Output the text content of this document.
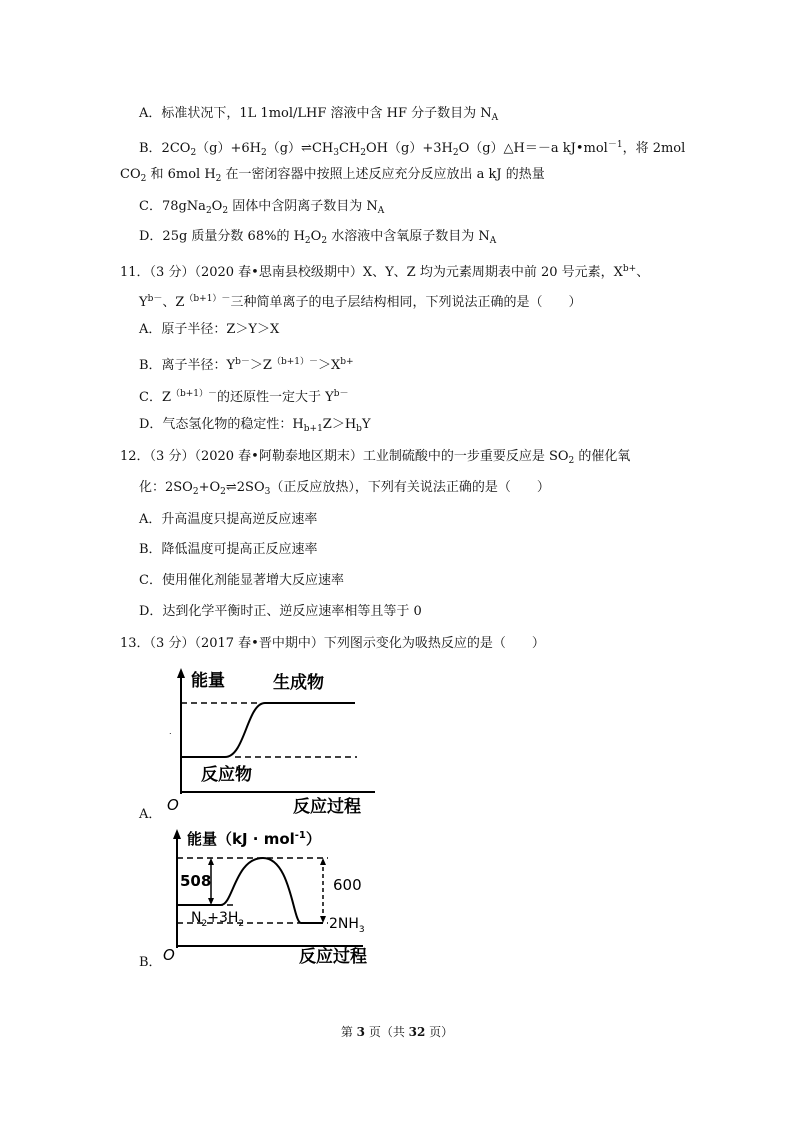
A．标准状况下，1L 1mol/LHF 溶液中含 HF 分子数目为 $N_A$
B．$2CO_2(g)+6H_2(g)\rightleftharpoons CH_3CH_2OH(g)+3H_2O(g)\triangle H=-a$ kJ•mol$^{-1}$，将 2mol
$CO_2$ 和 6mol $H_2$ 在一密闭容器中按照上述反应充分反应放出 a kJ 的热量
C．$78gNa_2O_2$ 固体中含阴离子数目为 $N_A$
D．25g 质量分数 68%的 $H_2O_2$ 水溶液中含氧原子数目为 $N_A$
11．（3 分）（2020 春•思南县校级期中）X、Y、Z 均为元素周期表中前 20 号元素，$X^{b+}$、
$Y^{b-}$、$Z^{(b+1)-}$三种简单离子的电子层结构相同，下列说法正确的是（　　）
A．原子半径：Z＞Y＞X
B．离子半径：$Y^{b-}>Z^{(b+1)-}>X^{b+}$
C．$Z^{(b+1)-}$的还原性一定大于 $Y^{b-}$
D．气态氢化物的稳定性：$H_{b+1}Z>H_bY$
12．（3 分）（2020 春•阿勒泰地区期末）工业制硫酸中的一步重要反应是 $SO_2$ 的催化氧
化：$2SO_2+O_2\rightleftharpoons 2SO_3$（正反应放热），下列有关说法正确的是（　　）
A．升高温度只提高逆反应速率
B．降低温度可提高正反应速率
C．使用催化剂能显著增大反应速率
D．达到化学平衡时正、逆反应速率相等且等于 0
13．（3 分）（2017 春•晋中期中）下列图示变化为吸热反应的是（　　）
A．
能量	生成物
反应物
O	反应过程
.
B．
能量（kJ · mol$^{-1}$）
508	600
$N_2+3H_2$	$2NH_3$
O	反应过程
第 3 页（共 32 页）
